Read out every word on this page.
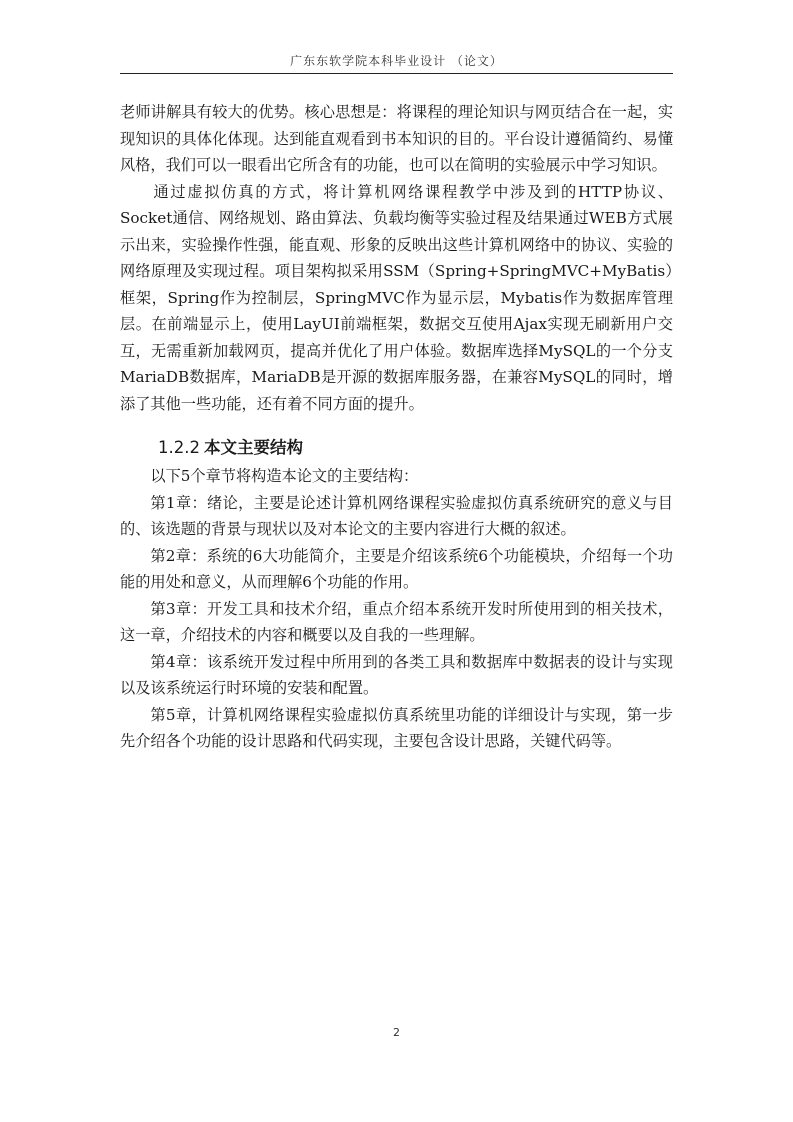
广东东软学院本科毕业设计 （论文）

老师讲解具有较大的优势。核心思想是：将课程的理论知识与网页结合在一起，实现知识的具体化体现。达到能直观看到书本知识的目的。平台设计遵循简约、易懂风格，我们可以一眼看出它所含有的功能，也可以在简明的实验展示中学习知识。

通过虚拟仿真的方式，将计算机网络课程教学中涉及到的HTTP协议、Socket通信、网络规划、路由算法、负载均衡等实验过程及结果通过WEB方式展示出来，实验操作性强，能直观、形象的反映出这些计算机网络中的协议、实验的网络原理及实现过程。项目架构拟采用SSM（Spring+SpringMVC+MyBatis）框架，Spring作为控制层，SpringMVC作为显示层，Mybatis作为数据库管理层。在前端显示上，使用LayUI前端框架，数据交互使用Ajax实现无刷新用户交互，无需重新加载网页，提高并优化了用户体验。数据库选择MySQL的一个分支MariaDB数据库，MariaDB是开源的数据库服务器，在兼容MySQL的同时，增添了其他一些功能，还有着不同方面的提升。

1.2.2 本文主要结构

以下5个章节将构造本论文的主要结构：

第1章：绪论，主要是论述计算机网络课程实验虚拟仿真系统研究的意义与目的、该选题的背景与现状以及对本论文的主要内容进行大概的叙述。

第2章：系统的6大功能简介，主要是介绍该系统6个功能模块，介绍每一个功能的用处和意义，从而理解6个功能的作用。

第3章：开发工具和技术介绍，重点介绍本系统开发时所使用到的相关技术，这一章，介绍技术的内容和概要以及自我的一些理解。

第4章：该系统开发过程中所用到的各类工具和数据库中数据表的设计与实现以及该系统运行时环境的安装和配置。

第5章，计算机网络课程实验虚拟仿真系统里功能的详细设计与实现，第一步先介绍各个功能的设计思路和代码实现，主要包含设计思路，关键代码等。

2
